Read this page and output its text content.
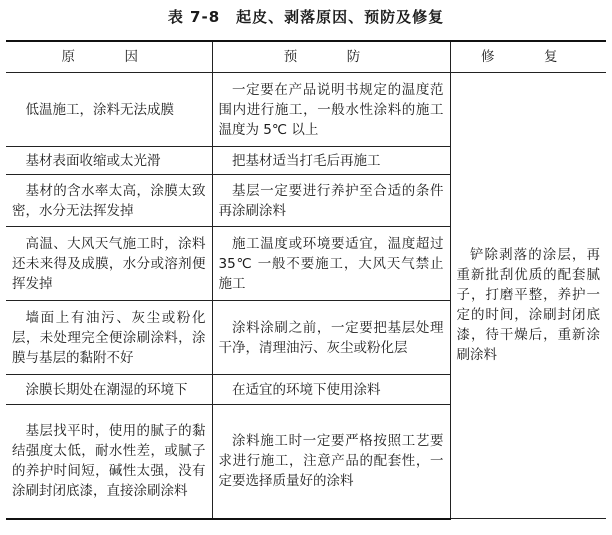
表 7-8　起皮、剥落原因、预防及修复
原　因	预　防	修　复

低温施工，涂料无法成膜	一定要在产品说明书规定的温度范围内进行施工，一般水性涂料的施工温度为 5℃ 以上	铲除剥落的涂层，再重新批刮优质的配套腻子，打磨平整，养护一定的时间，涂刷封闭底漆，待干燥后，重新涂刷涂料

基材表面收缩或太光滑	把基材适当打毛后再施工	

基材的含水率太高，涂膜太致密，水分无法挥发掉	基层一定要进行养护至合适的条件再涂刷涂料	

高温、大风天气施工时，涂料还未来得及成膜，水分或溶剂便挥发掉	施工温度或环境要适宜，温度超过 35℃ 一般不要施工，大风天气禁止施工	

墙面上有油污、灰尘或粉化层，未处理完全便涂刷涂料，涂膜与基层的黏附不好	涂料涂刷之前，一定要把基层处理干净，清理油污、灰尘或粉化层	

涂膜长期处在潮湿的环境下	在适宜的环境下使用涂料	

基层找平时，使用的腻子的黏结强度太低，耐水性差，或腻子的养护时间短，碱性太强，没有涂刷封闭底漆，直接涂刷涂料	涂料施工时一定要严格按照工艺要求进行施工，注意产品的配套性，一定要选择质量好的涂料	
